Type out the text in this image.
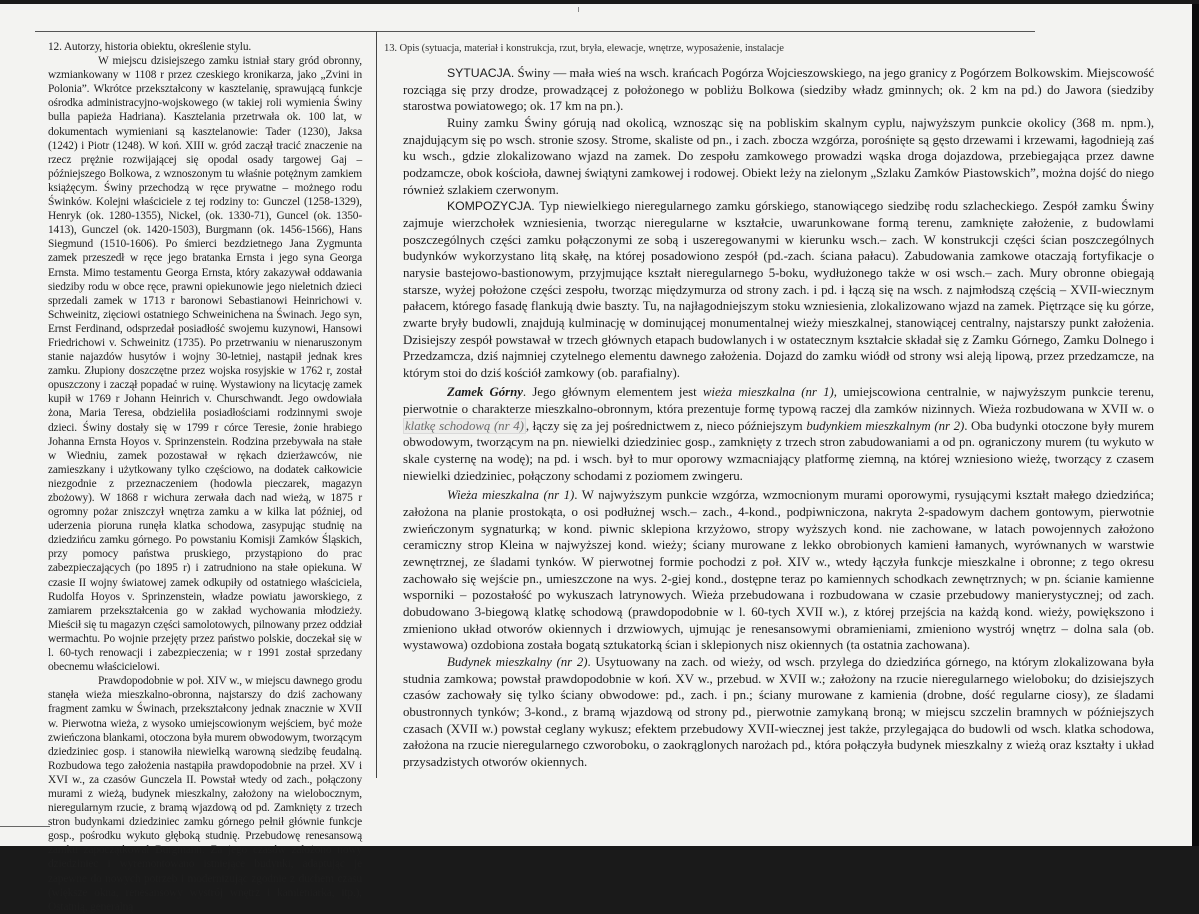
12. Autorzy, historia obiektu, określenie stylu.

W miejscu dzisiejszego zamku istniał stary gród obronny, wzmiankowany w 1108 r przez czeskiego kronikarza, jako „Zvini in Polonia”. Wkrótce przekształcony w kasztelanię, sprawującą funkcje ośrodka administracyjno-wojskowego (w takiej roli wymienia Świny bulla papieża Hadriana). Kasztelania przetrwała ok. 100 lat, w dokumentach wymieniani są kasztelanowie: Tader (1230), Jaksa (1242) i Piotr (1248). W koń. XIII w. gród zaczął tracić znaczenie na rzecz prężnie rozwijającej się opodal osady targowej Gaj – późniejszego Bolkowa, z wznoszonym tu właśnie potężnym zamkiem książęcym. Świny przechodzą w ręce prywatne – możnego rodu Świnków. Kolejni właściciele z tej rodziny to: Gunczel (1258-1329), Henryk (ok. 1280-1355), Nickel, (ok. 1330-71), Guncel (ok. 1350-1413), Gunczel (ok. 1420-1503), Burgmann (ok. 1456-1566), Hans Siegmund (1510-1606). Po śmierci bezdzietnego Jana Zygmunta zamek przeszedł w ręce jego bratanka Ernsta i jego syna Georga Ernsta. Mimo testamentu Georga Ernsta, który zakazywał oddawania siedziby rodu w obce ręce, prawni opiekunowie jego nieletnich dzieci sprzedali zamek w 1713 r baronowi Sebastianowi Heinrichowi v. Schweinitz, zięciowi ostatniego Schweinichena na Świnach. Jego syn, Ernst Ferdinand, odsprzedał posiadłość swojemu kuzynowi, Hansowi Friedrichowi v. Schweinitz (1735). Po przetrwaniu w nienaruszonym stanie najazdów husytów i wojny 30-letniej, nastąpił jednak kres zamku. Złupiony doszczętne przez wojska rosyjskie w 1762 r, został opuszczony i zaczął popadać w ruinę. Wystawiony na licytację zamek kupił w 1769 r Johann Heinrich v. Churschwandt. Jego owdowiała żona, Maria Teresa, obdzieliła posiadłościami rodzinnymi swoje dzieci. Świny dostały się w 1799 r córce Teresie, żonie hrabiego Johanna Ernsta Hoyos v. Sprinzenstein. Rodzina przebywała na stałe w Wiedniu, zamek pozostawał w rękach dzierżawców, nie zamieszkany i użytkowany tylko częściowo, na dodatek całkowicie niezgodnie z przeznaczeniem (hodowla pieczarek, magazyn zbożowy). W 1868 r wichura zerwała dach nad wieżą, w 1875 r ogromny pożar zniszczył wnętrza zamku a w kilka lat później, od uderzenia pioruna runęła klatka schodowa, zasypując studnię na dziedzińcu zamku górnego. Po powstaniu Komisji Zamków Śląskich, przy pomocy państwa pruskiego, przystąpiono do prac zabezpieczających (po 1895 r) i zatrudniono na stałe opiekuna. W czasie II wojny światowej zamek odkupiły od ostatniego właściciela, Rudolfa Hoyos v. Sprinzenstein, władze powiatu jaworskiego, z zamiarem przekształcenia go w zakład wychowania młodzieży. Mieścił się tu magazyn części samolotowych, pilnowany przez oddział wermachtu. Po wojnie przejęty przez państwo polskie, doczekał się w l. 60-tych renowacji i zabezpieczenia; w r 1991 został sprzedany obecnemu właścicielowi.

Prawdopodobnie w poł. XIV w., w miejscu dawnego grodu stanęła wieża mieszkalno-obronna, najstarszy do dziś zachowany fragment zamku w Świnach, przekształcony jednak znacznie w XVII w. Pierwotna wieża, z wysoko umiejscowionym wejściem, być może zwieńczona blankami, otoczona była murem obwodowym, tworzącym dziedziniec gosp. i stanowiła niewielką warowną siedzibę feudalną. Rozbudowa tego założenia nastąpiła prawdopodobnie na przeł. XV i XVI w., za czasów Gunczela II. Powstał wtedy od zach., połączony murami z wieżą, budynek mieszkalny, założony na wielobocznym, nieregularnym rzucie, z bramą wjazdową od pd. Zamknięty z trzech stron budynkami dziedziniec zamku górnego pełnił głównie funkcje gosp., pośrodku wykuto głęboką studnię. Przebudowę renesansową zamku zapoczątkował Burgmann. Za jego czasów założono nowy dziedziniec i wyremontowano istniejące budynki, adaptując je zapewne do nowych potrzeb i modernizując zgodnie z duchem czasu (większe okna, renesansowy wystrój wnętrz i kamieniarka, itp.), Ostatnią, generalną

13. Opis (sytuacja, materiał i konstrukcja, rzut, bryła, elewacje, wnętrze, wyposażenie, instalacje

SYTUACJA. Świny — mała wieś na wsch. krańcach Pogórza Wojcieszowskiego, na jego granicy z Pogórzem Bolkowskim. Miejscowość rozciąga się przy drodze, prowadzącej z położonego w pobliżu Bolkowa (siedziby władz gminnych; ok. 2 km na pd.) do Jawora (siedziby starostwa powiatowego; ok. 17 km na pn.).

Ruiny zamku Świny górują nad okolicą, wznosząc się na pobliskim skalnym cyplu, najwyższym punkcie okolicy (368 m. npm.), znajdującym się po wsch. stronie szosy. Strome, skaliste od pn., i zach. zbocza wzgórza, porośnięte są gęsto drzewami i krzewami, łagodnieją zaś ku wsch., gdzie zlokalizowano wjazd na zamek. Do zespołu zamkowego prowadzi wąska droga dojazdowa, przebiegająca przez dawne podzamcze, obok kościoła, dawnej świątyni zamkowej i rodowej. Obiekt leży na zielonym „Szlaku Zamków Piastowskich”, można dojść do niego również szlakiem czerwonym.

KOMPOZYCJA. Typ niewielkiego nieregularnego zamku górskiego, stanowiącego siedzibę rodu szlacheckiego. Zespół zamku Świny zajmuje wierzchołek wzniesienia, tworząc nieregularne w kształcie, uwarunkowane formą terenu, zamknięte założenie, z budowlami poszczególnych części zamku połączonymi ze sobą i uszeregowanymi w kierunku wsch.– zach. W konstrukcji części ścian poszczególnych budynków wykorzystano litą skałę, na której posadowiono zespół (pd.-zach. ściana pałacu). Zabudowania zamkowe otaczają fortyfikacje o narysie bastejowo-bastionowym, przyjmujące kształt nieregularnego 5-boku, wydłużonego także w osi wsch.– zach. Mury obronne obiegają starsze, wyżej położone części zespołu, tworząc międzymurza od strony zach. i pd. i łączą się na wsch. z najmłodszą częścią – XVII-wiecznym pałacem, którego fasadę flankują dwie baszty. Tu, na najłagodniejszym stoku wzniesienia, zlokalizowano wjazd na zamek. Piętrzące się ku górze, zwarte bryły budowli, znajdują kulminację w dominującej monumentalnej wieży mieszkalnej, stanowiącej centralny, najstarszy punkt założenia. Dzisiejszy zespół powstawał w trzech głównych etapach budowlanych i w ostatecznym kształcie składał się z Zamku Górnego, Zamku Dolnego i Przedzamcza, dziś najmniej czytelnego elementu dawnego założenia. Dojazd do zamku wiódł od strony wsi aleją lipową, przez przedzamcze, na którym stoi do dziś kościół zamkowy (ob. parafialny).

Zamek Górny. Jego głównym elementem jest wieża mieszkalna (nr 1), umiejscowiona centralnie, w najwyższym punkcie terenu, pierwotnie o charakterze mieszkalno-obronnym, która prezentuje formę typową raczej dla zamków nizinnych. Wieża rozbudowana w XVII w. o klatkę schodową (nr 4) , łączy się za jej pośrednictwem z, nieco późniejszym budynkiem mieszkalnym (nr 2). Oba budynki otoczone były murem obwodowym, tworzącym na pn. niewielki dziedziniec gosp., zamknięty z trzech stron zabudowaniami a od pn. ograniczony murem (tu wykuto w skale cysternę na wodę); na pd. i wsch. był to mur oporowy wzmacniający platformę ziemną, na której wzniesiono wieżę, tworzący z czasem niewielki dziedziniec, połączony schodami z poziomem zwingeru.

Wieża mieszkalna (nr 1). W najwyższym punkcie wzgórza, wzmocnionym murami oporowymi, rysującymi kształt małego dziedzińca; założona na planie prostokąta, o osi podłużnej wsch.– zach., 4-kond., podpiwniczona, nakryta 2-spadowym dachem gontowym, pierwotnie zwieńczonym sygnaturką; w kond. piwnic sklepiona krzyżowo, stropy wyższych kond. nie zachowane, w latach powojennych założono ceramiczny strop Kleina w najwyższej kond. wieży; ściany murowane z lekko obrobionych kamieni łamanych, wyrównanych w warstwie zewnętrznej, ze śladami tynków. W pierwotnej formie pochodzi z poł. XIV w., wtedy łączyła funkcje mieszkalne i obronne; z tego okresu zachowało się wejście pn., umieszczone na wys. 2-giej kond., dostępne teraz po kamiennych schodkach zewnętrznych; w pn. ścianie kamienne wsporniki – pozostałość po wykuszach latrynowych. Wieża przebudowana i rozbudowana w czasie przebudowy manierystycznej; od zach. dobudowano 3-biegową klatkę schodową (prawdopodobnie w l. 60-tych XVII w.), z której przejścia na każdą kond. wieży, powiększono i zmieniono układ otworów okiennych i drzwiowych, ujmując je renesansowymi obramieniami, zmieniono wystrój wnętrz – dolna sala (ob. wystawowa) ozdobiona została bogatą sztukatorką ścian i sklepionych nisz okiennych (ta ostatnia zachowana).

Budynek mieszkalny (nr 2). Usytuowany na zach. od wieży, od wsch. przylega do dziedzińca górnego, na którym zlokalizowana była studnia zamkowa; powstał prawdopodobnie w koń. XV w., przebud. w XVII w.; założony na rzucie nieregularnego wieloboku; do dzisiejszych czasów zachowały się tylko ściany obwodowe: pd., zach. i pn.; ściany murowane z kamienia (drobne, dość regularne ciosy), ze śladami obustronnych tynków; 3-kond., z bramą wjazdową od strony pd., pierwotnie zamykaną broną; w miejscu szczelin bramnych w późniejszych czasach (XVII w.) powstał ceglany wykusz; efektem przebudowy XVII-wiecznej jest także, przylegająca do budowli od wsch. klatka schodowa, założona na rzucie nieregularnego czworoboku, o zaokrąglonych narożach pd., która połączyła budynek mieszkalny z wieżą oraz kształty i układ przysadzistych otworów okiennych.
